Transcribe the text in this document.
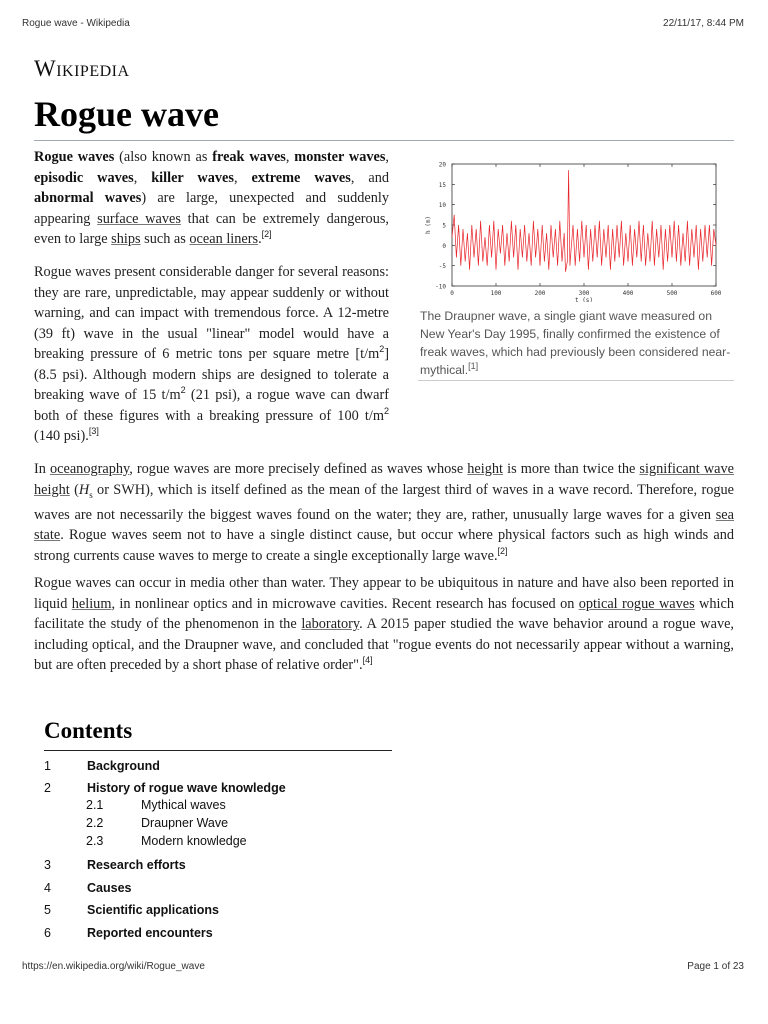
Rogue wave - Wikipedia	22/11/17, 8:44 PM
Wikipedia
Rogue wave

Rogue waves (also known as freak waves, monster waves, episodic waves, killer waves, extreme waves, and abnormal waves) are large, unexpected and suddenly appearing surface waves that can be extremely dangerous, even to large ships such as ocean liners.[2]

Rogue waves present considerable danger for several reasons: they are rare, unpredictable, may appear suddenly or without warning, and can impact with tremendous force. A 12-metre (39 ft) wave in the usual "linear" model would have a breaking pressure of 6 metric tons per square metre $[t/m^2]$ (8.5 psi). Although modern ships are designed to tolerate a breaking wave of 15 $t/m^2$ (21 psi), a rogue wave can dwarf both of these figures with a breaking pressure of 100 $t/m^2$ (140 psi).[3]

-10
-5
0
5
10
15
20
0	100	200	300	400	500	600
t (s)
h (m)
The Draupner wave, a single giant wave measured on New Year's Day 1995, finally confirmed the existence of freak waves, which had previously been considered near-mythical.[1]

In oceanography, rogue waves are more precisely defined as waves whose height is more than twice the significant wave height ($H_s$ or SWH), which is itself defined as the mean of the largest third of waves in a wave record. Therefore, rogue waves are not necessarily the biggest waves found on the water; they are, rather, unusually large waves for a given sea state. Rogue waves seem not to have a single distinct cause, but occur where physical factors such as high winds and strong currents cause waves to merge to create a single exceptionally large wave.[2]

Rogue waves can occur in media other than water. They appear to be ubiquitous in nature and have also been reported in liquid helium, in nonlinear optics and in microwave cavities. Recent research has focused on optical rogue waves which facilitate the study of the phenomenon in the laboratory. A 2015 paper studied the wave behavior around a rogue wave, including optical, and the Draupner wave, and concluded that "rogue events do not necessarily appear without a warning, but are often preceded by a short phase of relative order".[4]

Contents
1	Background
2	History of rogue wave knowledge
2.1	Mythical waves
2.2	Draupner Wave
2.3	Modern knowledge
3	Research efforts
4	Causes
5	Scientific applications
6	Reported encounters
https://en.wikipedia.org/wiki/Rogue_wave	Page 1 of 23
